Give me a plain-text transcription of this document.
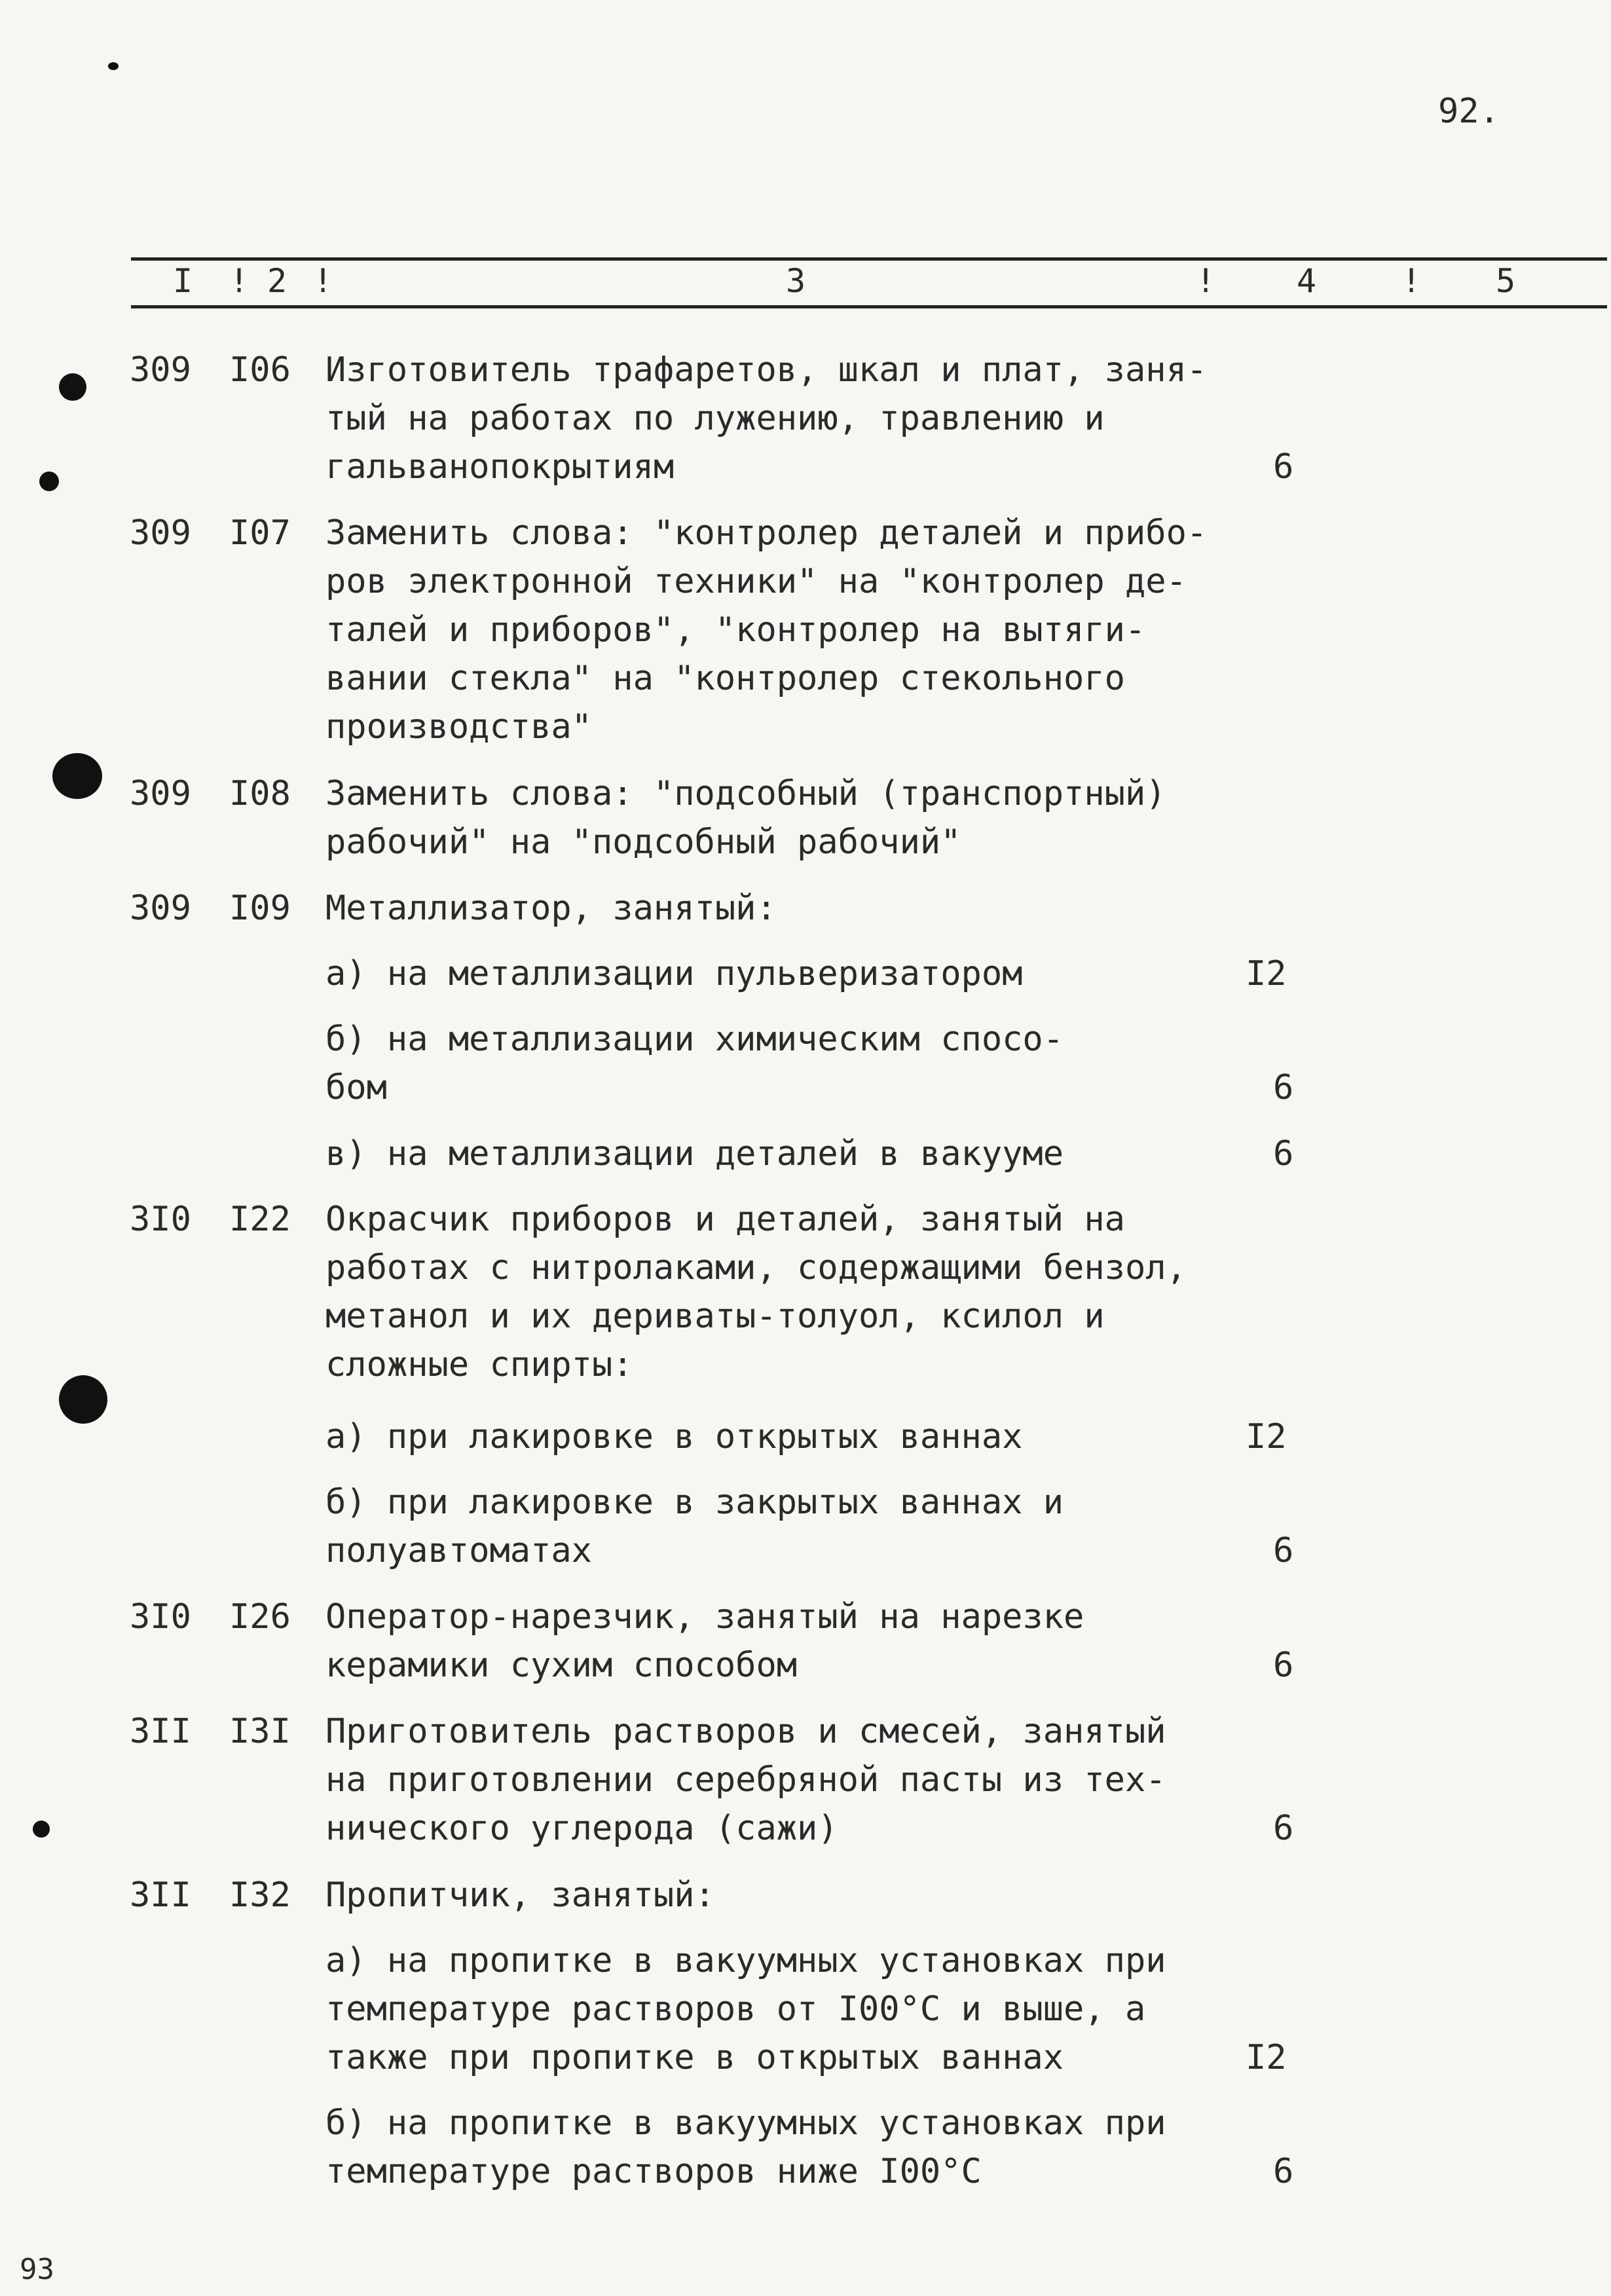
92.
I ! 2 !	3	! 4	! 5
309 I06 Изготовитель трафаретов, шкал и плат, заня-
тый на работах по лужению, травлению и
гальванопокрытиям	6
309 I07 Заменить слова: "контролер деталей и прибо-
ров электронной техники" на "контролер де-
талей и приборов", "контролер на вытяги-
вании стекла" на "контролер стекольного
производства"
309 I08 Заменить слова: "подсобный (транспортный)
рабочий" на "подсобный рабочий"
309 I09 Металлизатор, занятый:
а) на металлизации пульверизатором	I2
б) на металлизации химическим спосо-
бом	6
в) на металлизации деталей в вакууме	6
3I0 I22 Окрасчик приборов и деталей, занятый на
работах с нитролаками, содержащими бензол,
метанол и их дериваты-толуол, ксилол и
сложные спирты:
а) при лакировке в открытых ваннах	I2
б) при лакировке в закрытых ваннах и
полуавтоматах	6
3I0 I26 Оператор-нарезчик, занятый на нарезке
керамики сухим способом	6
3II I3I Приготовитель растворов и смесей, занятый
на приготовлении серебряной пасты из тех-
нического углерода (сажи)	6
3II I32 Пропитчик, занятый:
а) на пропитке в вакуумных установках при
температуре растворов от I00°С и выше, а
также при пропитке в открытых ваннах	I2
б) на пропитке в вакуумных установках при
температуре растворов ниже I00°С	6
93
